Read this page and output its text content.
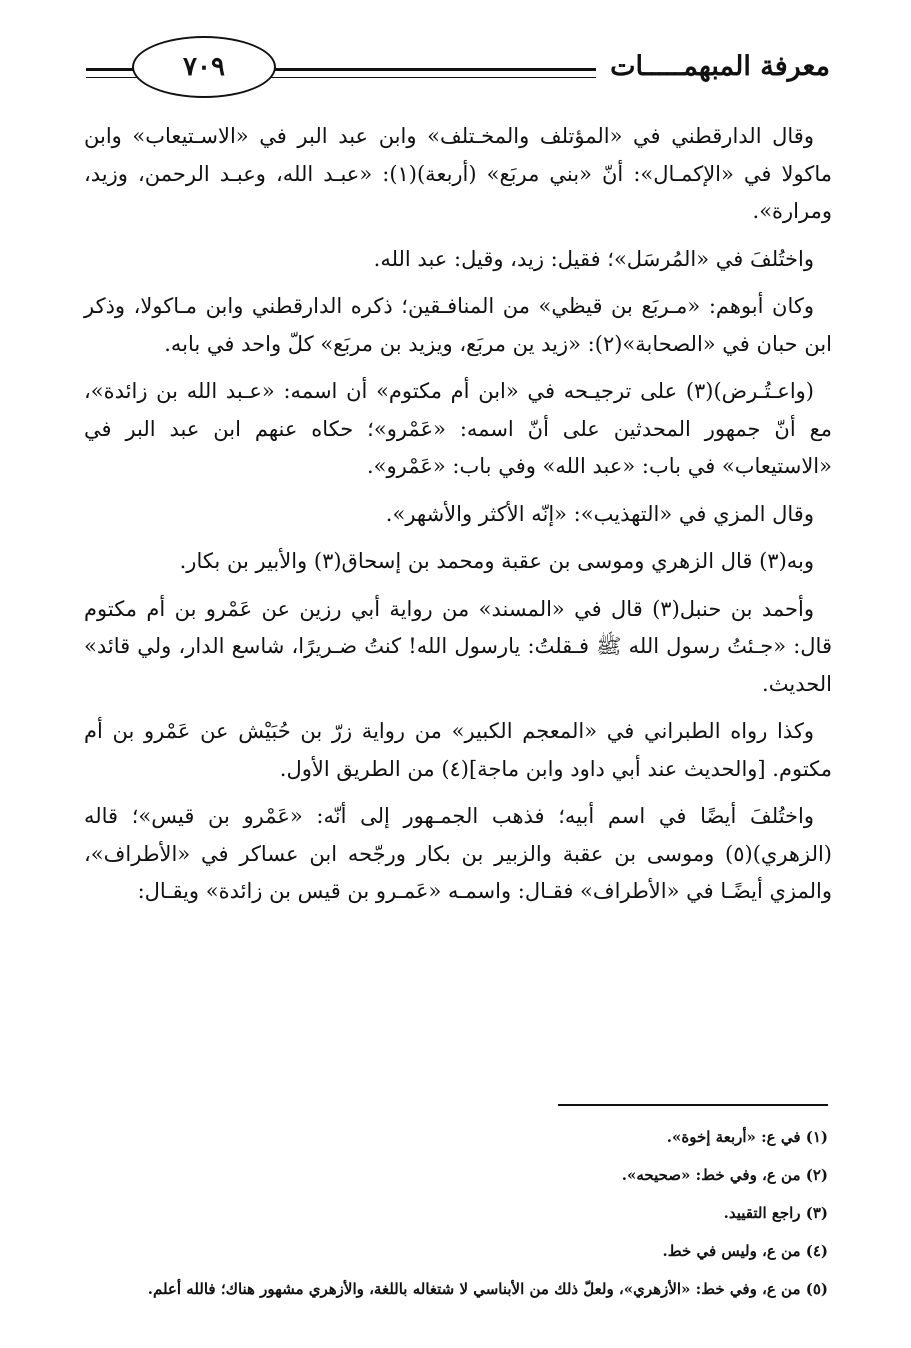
٧٠٩	معرفة المبهمـــــات

وقال الدارقطني في «المؤتلف والمخـتلف» وابن عبد البر في «الاسـتيعاب» وابن ماكولا في «الإكمـال»: أنّ «بني مربَع» (أربعة)(١): «عبـد الله، وعبـد الرحمن، وزيد، ومرارة».

واختُلفَ في «المُرسَل»؛ فقيل: زيد، وقيل: عبد الله.

وكان أبوهم: «مـربَع بن قيظي» من المنافـقين؛ ذكره الدارقطني وابن مـاكولا، وذكر ابن حبان في «الصحابة»(٢): «زيد ين مربَع، ويزيد بن مربَع» كلّ واحد في بابه.

(واعـتُـرض)(٣) على ترجيـحه في «ابن أم مكتوم» أن اسمه: «عـبد الله بن زائدة»، مع أنّ جمهور المحدثين على أنّ اسمه: «عَمْرو»؛ حكاه عنهم ابن عبد البر في «الاستيعاب» في باب: «عبد الله» وفي باب: «عَمْرو».

وقال المزي في «التهذيب»: «إنّه الأكثر والأشهر».

وبه(٣) قال الزهري وموسى بن عقبة ومحمد بن إسحاق(٣) والأبير بن بكار.

وأحمد بن حنبل(٣) قال في «المسند» من رواية أبي رزين عن عَمْرو بن أم مكتوم قال: «جـئتُ رسول الله ﷺ فـقلتُ: يارسول الله! كنتُ ضـريرًا، شاسع الدار، ولي قائد» الحديث.

وكذا رواه الطبراني في «المعجم الكبير» من رواية زرّ بن حُبَيْش عن عَمْرو بن أم مكتوم. [والحديث عند أبي داود وابن ماجة](٤) من الطريق الأول.

واختُلفَ أيضًا في اسم أبيه؛ فذهب الجمـهور إلى أنّه: «عَمْرو بن قيس»؛ قاله (الزهري)(٥) وموسى بن عقبة والزبير بن بكار ورجّحه ابن عساكر في «الأطراف»، والمزي أيضًـا في «الأطراف» فقـال: واسمـه «عَمـرو بن قيس بن زائدة» ويقـال:

(١) في ع: «أربعة إخوة».
(٢) من ع، وفي خط: «صحيحه».
(٣) راجع التقييد.
(٤) من ع، وليس في خط.
(٥) من ع، وفي خط: «الأزهري»، ولعلّ ذلك من الأبناسي لا شتغاله باللغة، والأزهري مشهور هناك؛ فالله أعلم.
